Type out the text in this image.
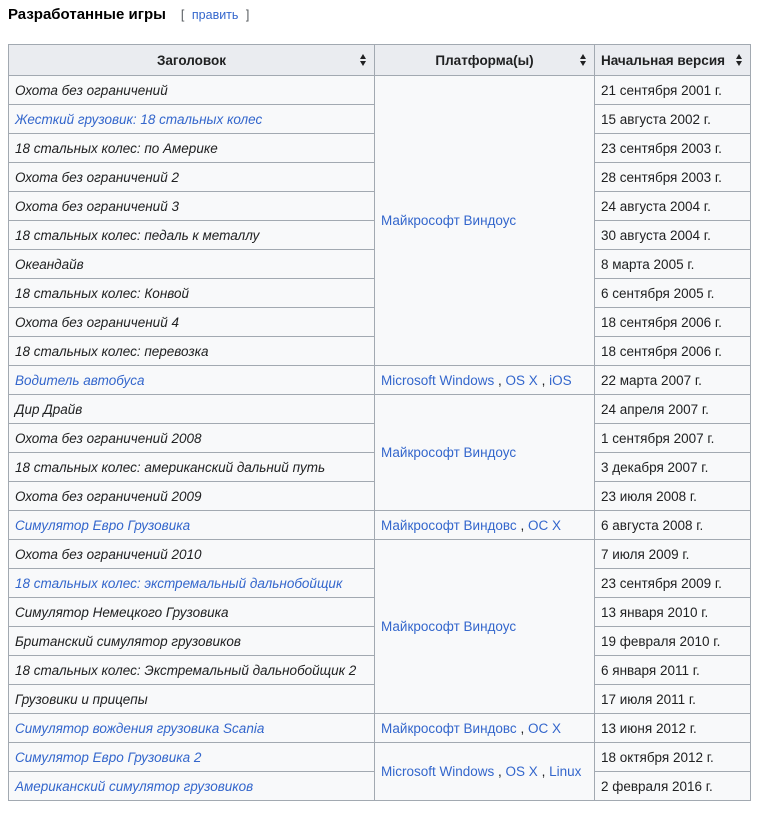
Разработанные игры [ править ]
Заголовок	Платформа(ы)	Начальная версия

Охота без ограничений	Майкрософт Виндоус	21 сентября 2001 г.
Жесткий грузовик: 18 стальных колес		15 августа 2002 г.
18 стальных колес: по Америке		23 сентября 2003 г.
Охота без ограничений 2		28 сентября 2003 г.
Охота без ограничений 3		24 августа 2004 г.
18 стальных колес: педаль к металлу		30 августа 2004 г.
Океандайв		8 марта 2005 г.
18 стальных колес: Конвой		6 сентября 2005 г.
Охота без ограничений 4		18 сентября 2006 г.
18 стальных колес: перевозка		18 сентября 2006 г.
Водитель автобуса	Microsoft Windows , OS X , iOS	22 марта 2007 г.
Дир Драйв	Майкрософт Виндоус	24 апреля 2007 г.
Охота без ограничений 2008		1 сентября 2007 г.
18 стальных колес: американский дальний путь		3 декабря 2007 г.
Охота без ограничений 2009		23 июля 2008 г.
Симулятор Евро Грузовика	Майкрософт Виндовс , ОС X	6 августа 2008 г.
Охота без ограничений 2010	Майкрософт Виндоус	7 июля 2009 г.
18 стальных колес: экстремальный дальнобойщик		23 сентября 2009 г.
Симулятор Немецкого Грузовика		13 января 2010 г.
Британский симулятор грузовиков		19 февраля 2010 г.
18 стальных колес: Экстремальный дальнобойщик 2		6 января 2011 г.
Грузовики и прицепы		17 июля 2011 г.
Симулятор вождения грузовика Scania	Майкрософт Виндовс , ОС X	13 июня 2012 г.
Симулятор Евро Грузовика 2	Microsoft Windows , OS X , Linux	18 октября 2012 г.
Американский симулятор грузовиков		2 февраля 2016 г.
